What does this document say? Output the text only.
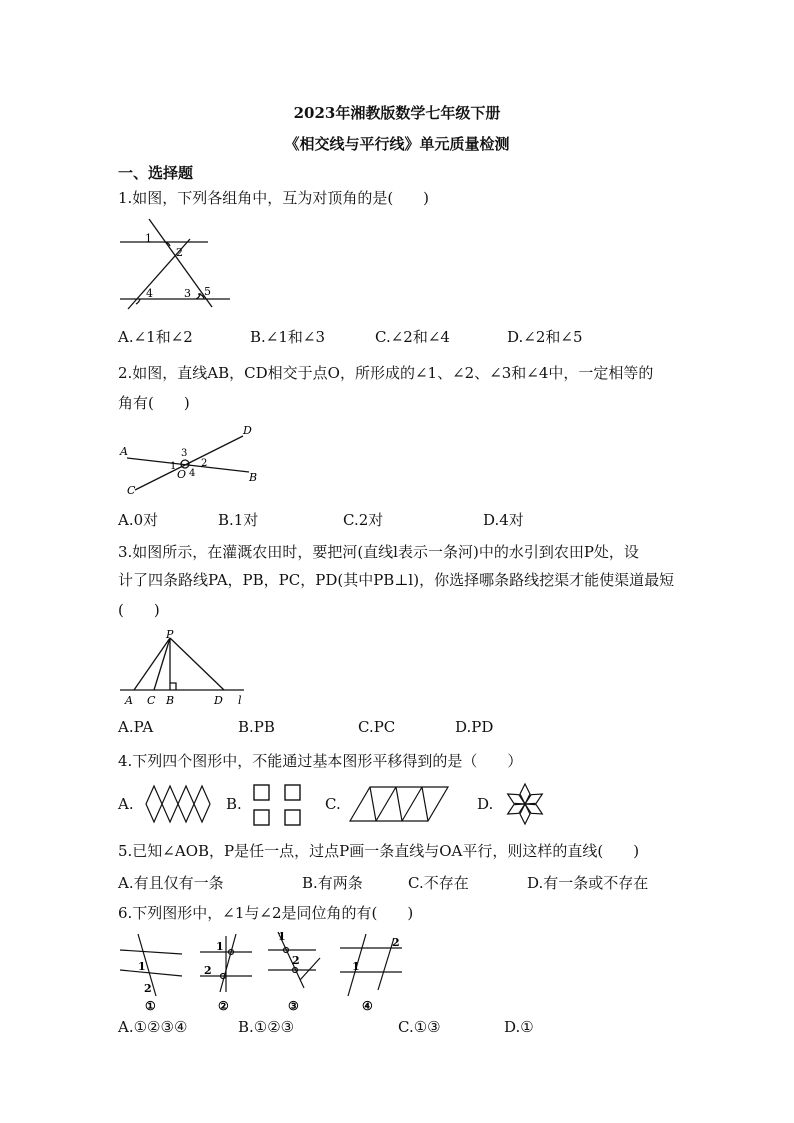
2023年湘教版数学七年级下册
《相交线与平行线》单元质量检测
一、选择题
1.如图，下列各组角中，互为对顶角的是(　　)
1
2
3
4	5
A.∠1和∠2	B.∠1和∠3	C.∠2和∠4	D.∠2和∠5
2.如图，直线AB，CD相交于点O，所形成的∠1、∠2、∠3和∠4中，一定相等的
角有(　　)
A
B
C
D
O
1 2
3
4
A.0对	B.1对	C.2对	D.4对
3.如图所示，在灌溉农田时，要把河(直线l表示一条河)中的水引到农田P处，设
计了四条路线PA，PB，PC，PD(其中PB⊥l)，你选择哪条路线挖渠才能使渠道最短
(　　)
P
A C B	D l
A.PA	B.PB	C.PC	D.PD
4.下列四个图形中，不能通过基本图形平移得到的是（　　）
A.	B.	C.	D.
5.已知∠AOB，P是任一点，过点P画一条直线与OA平行，则这样的直线(　　)
A.有且仅有一条	B.有两条	C.不存在	D.有一条或不存在
6.下列图形中，∠1与∠2是同位角的有(　　)
1
2
①
1
2
②
1
2
③
1
2
④
A.①②③④	B.①②③	C.①③	D.①
